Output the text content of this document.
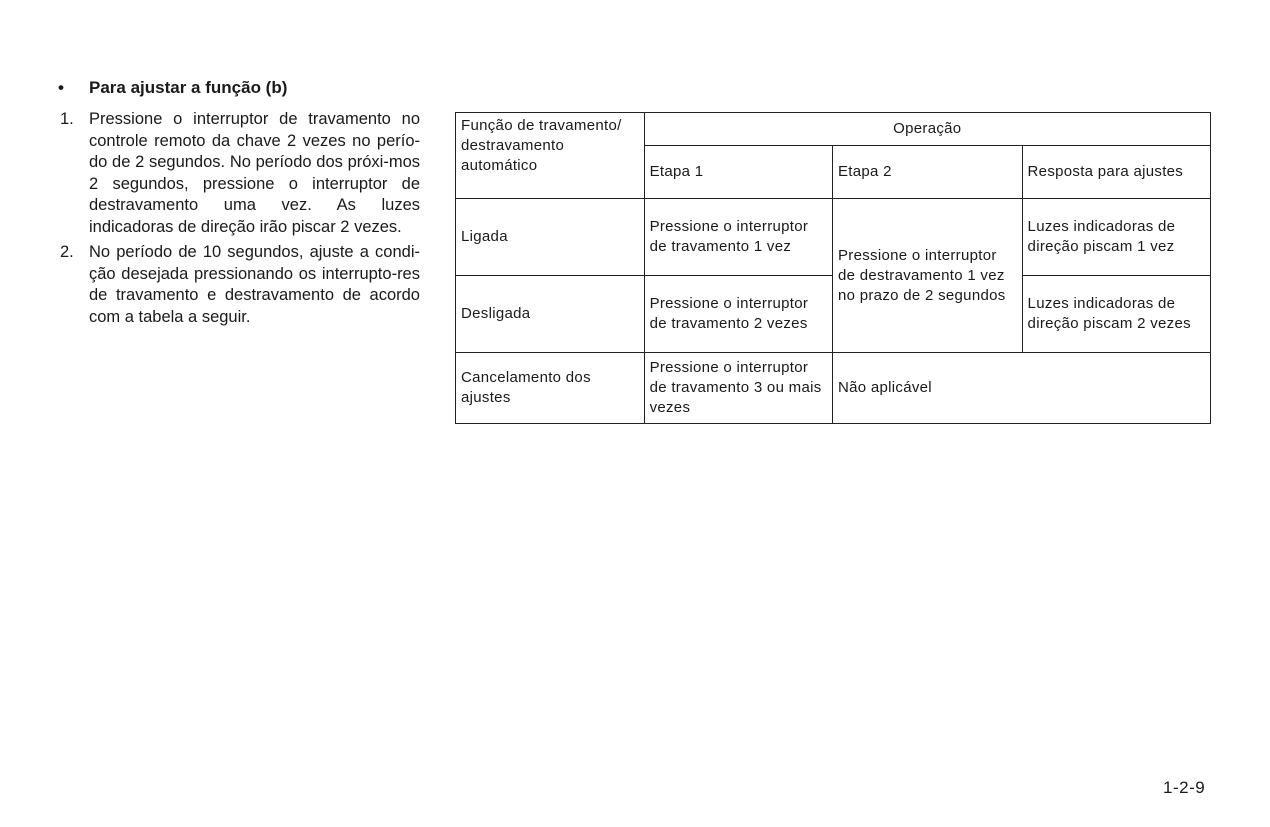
• Para ajustar a função (b)
1. Pressione o interruptor de travamento no controle remoto da chave 2 vezes no perío-do de 2 segundos. No período dos próxi-mos 2 segundos, pressione o interruptor de destravamento uma vez. As luzes indicadoras de direção irão piscar 2 vezes.
2. No período de 10 segundos, ajuste a condi-ção desejada pressionando os interrupto-res de travamento e destravamento de acordo com a tabela a seguir.
Função de travamento/ destravamento automático	Operação		
	Etapa 1	Etapa 2	Resposta para ajustes
Ligada	Pressione o interruptor de travamento 1 vez	Pressione o interruptor de destravamento 1 vez no prazo de 2 segundos	Luzes indicadoras de direção piscam 1 vez
Desligada	Pressione o interruptor de travamento 2 vezes		Luzes indicadoras de direção piscam 2 vezes
Cancelamento dos ajustes	Pressione o interruptor de travamento 3 ou mais vezes	Não aplicável	
1-2-9
